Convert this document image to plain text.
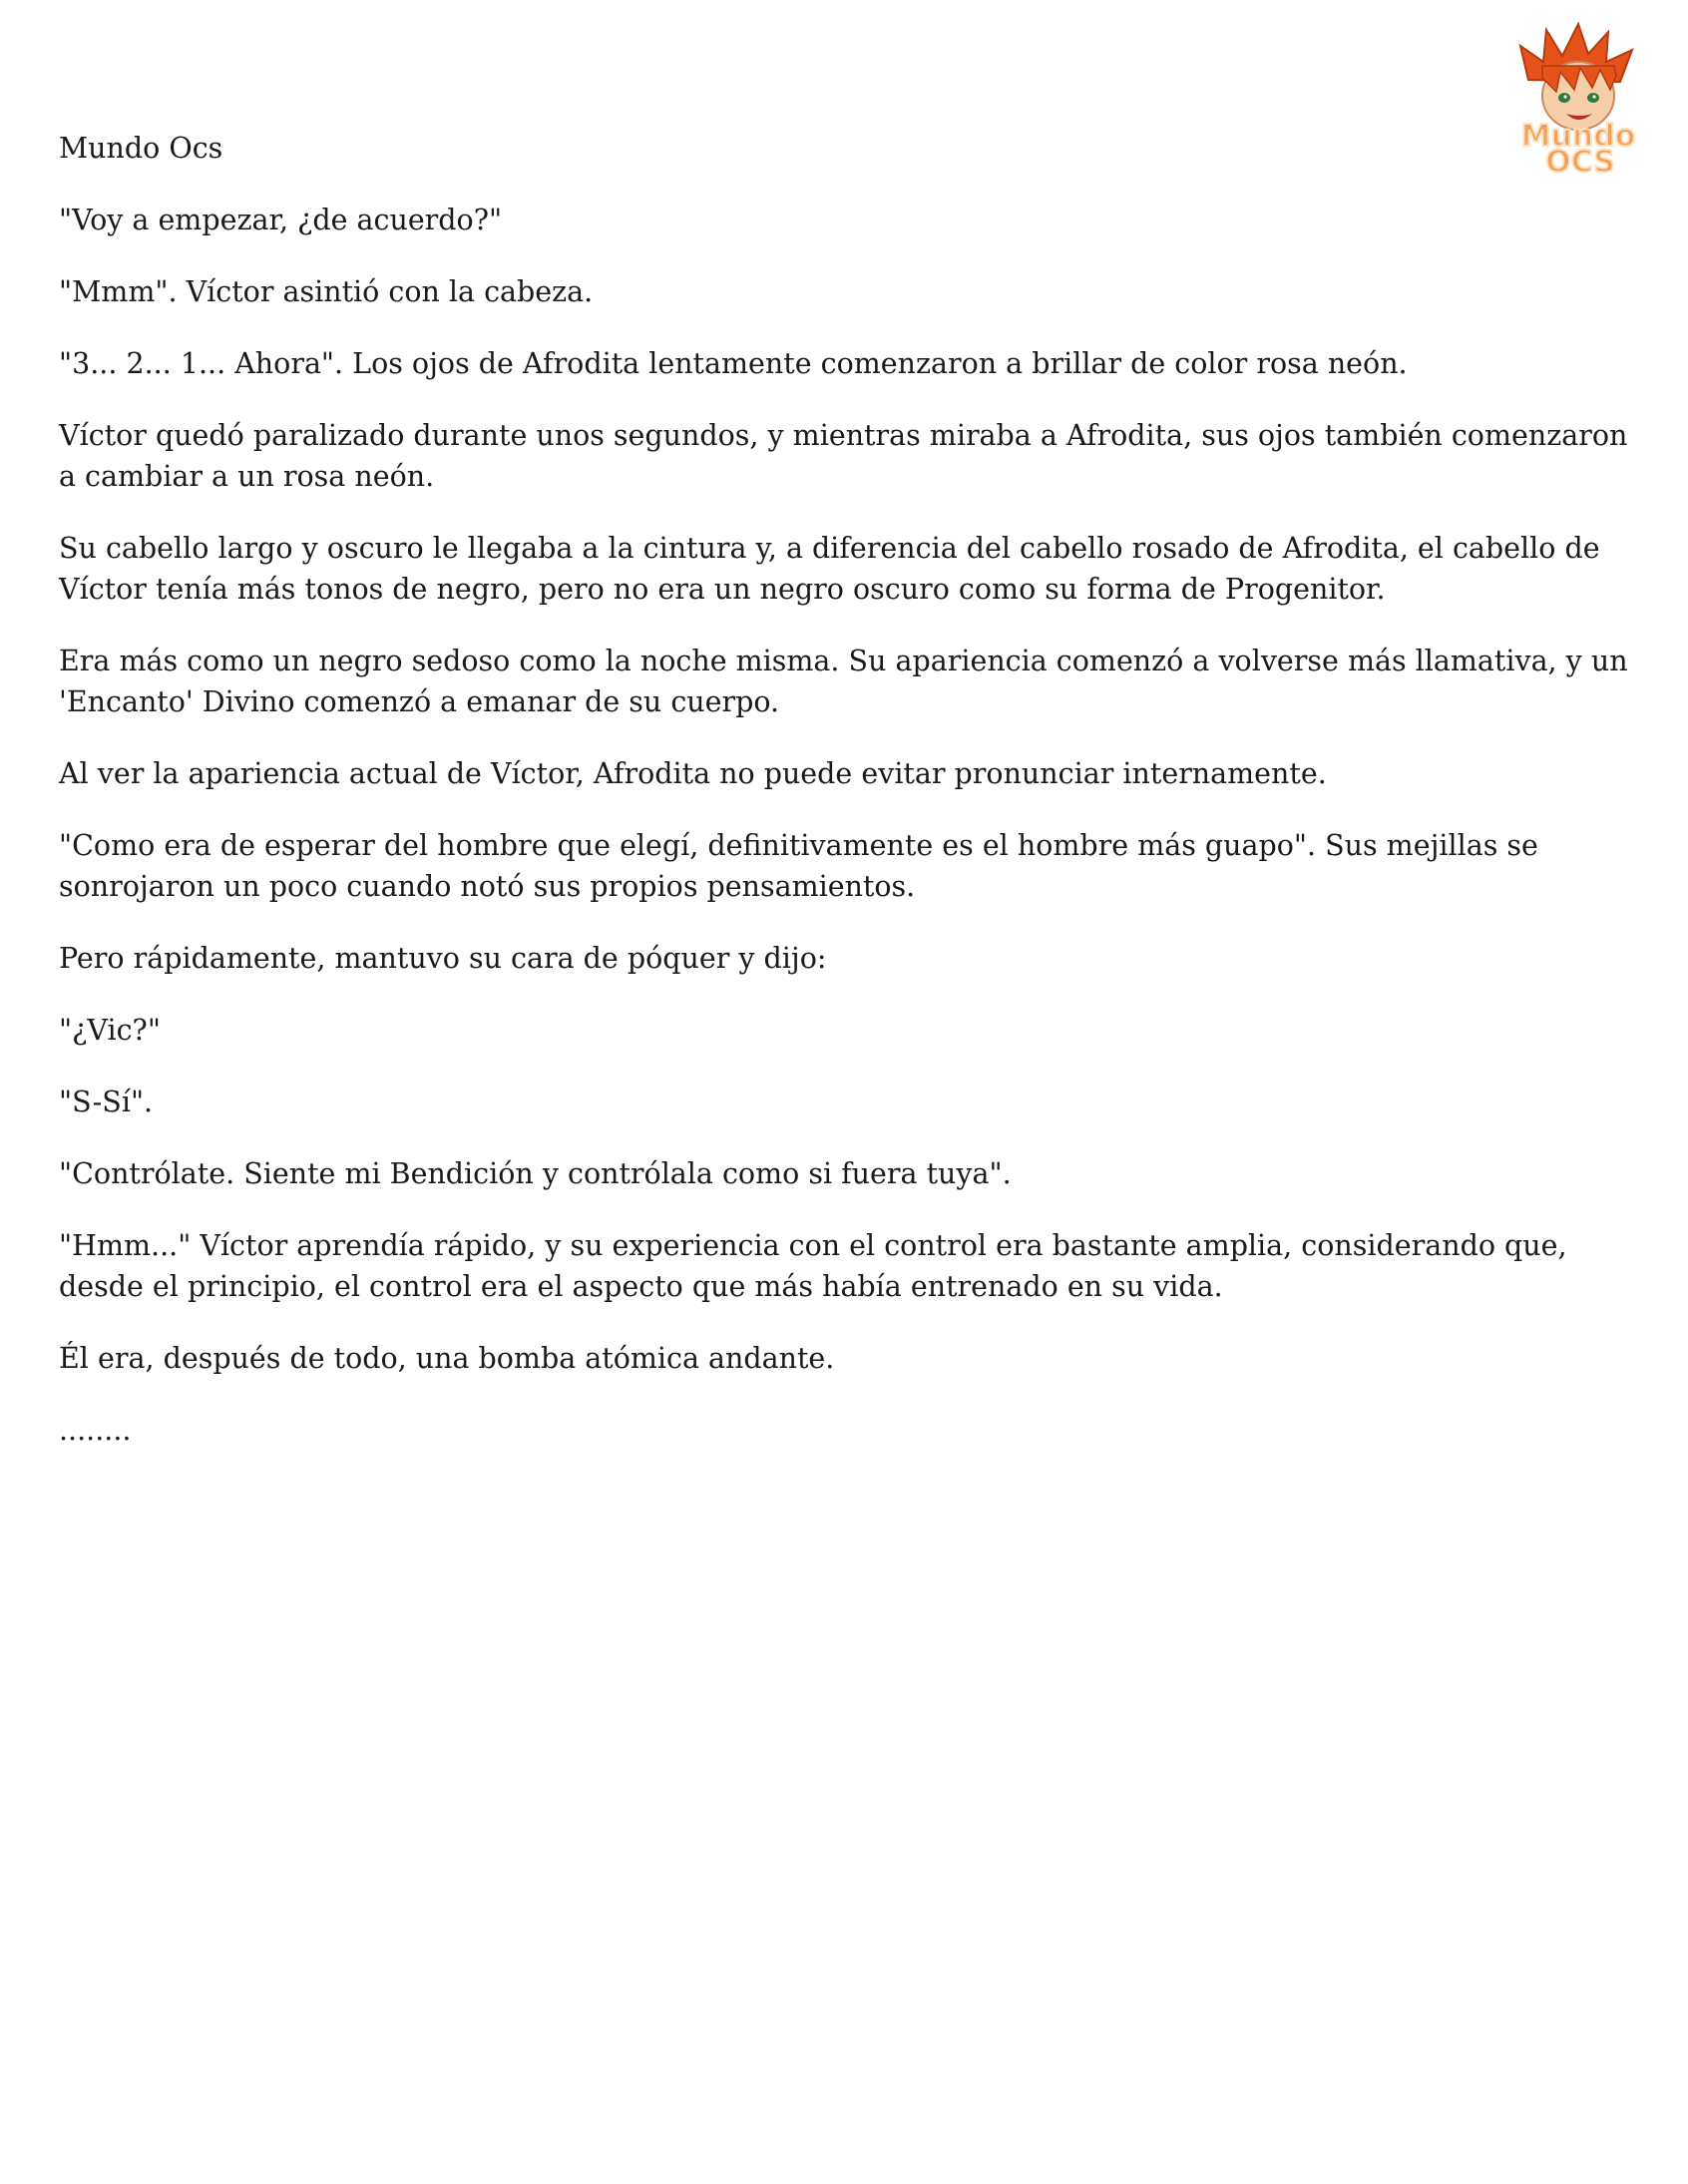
Mundo
OCS

Mundo Ocs

"Voy a empezar, ¿de acuerdo?"

"Mmm". Víctor asintió con la cabeza.

"3... 2... 1... Ahora". Los ojos de Afrodita lentamente comenzaron a brillar de color rosa neón.

Víctor quedó paralizado durante unos segundos, y mientras miraba a Afrodita, sus ojos también comenzaron a cambiar a un rosa neón.

Su cabello largo y oscuro le llegaba a la cintura y, a diferencia del cabello rosado de Afrodita, el cabello de Víctor tenía más tonos de negro, pero no era un negro oscuro como su forma de Progenitor.

Era más como un negro sedoso como la noche misma. Su apariencia comenzó a volverse más llamativa, y un 'Encanto' Divino comenzó a emanar de su cuerpo.

Al ver la apariencia actual de Víctor, Afrodita no puede evitar pronunciar internamente.

"Como era de esperar del hombre que elegí, definitivamente es el hombre más guapo". Sus mejillas se sonrojaron un poco cuando notó sus propios pensamientos.

Pero rápidamente, mantuvo su cara de póquer y dijo:

"¿Vic?"

"S-Sí".

"Contrólate. Siente mi Bendición y contrólala como si fuera tuya".

"Hmm..." Víctor aprendía rápido, y su experiencia con el control era bastante amplia, considerando que, desde el principio, el control era el aspecto que más había entrenado en su vida.

Él era, después de todo, una bomba atómica andante.

........
